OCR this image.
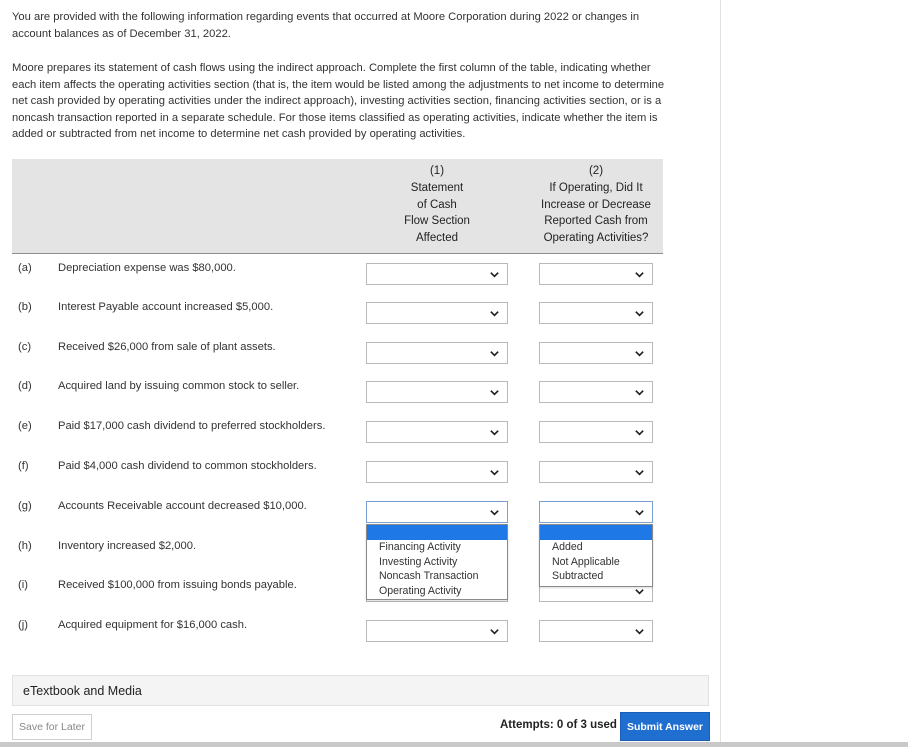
You are provided with the following information regarding events that occurred at Moore Corporation during 2022 or changes in
account balances as of December 31, 2022.
Moore prepares its statement of cash flows using the indirect approach. Complete the first column of the table, indicating whether
each item affects the operating activities section (that is, the item would be listed among the adjustments to net income to determine
net cash provided by operating activities under the indirect approach), investing activities section, financing activities section, or is a
noncash transaction reported in a separate schedule. For those items classified as operating activities, indicate whether the item is
added or subtracted from net income to determine net cash provided by operating activities.
(1)
Statement
of Cash
Flow Section
Affected
(2)
If Operating, Did It
Increase or Decrease
Reported Cash from
Operating Activities?
(a) Depreciation expense was $80,000.
(b) Interest Payable account increased $5,000.
(c) Received $26,000 from sale of plant assets.
(d) Acquired land by issuing common stock to seller.
(e) Paid $17,000 cash dividend to preferred stockholders.
(f)	Paid $4,000 cash dividend to common stockholders.
(g) Accounts Receivable account decreased $10,000.
(h) Inventory increased $2,000.
(i)	Received $100,000 from issuing bonds payable.
(j)	Acquired equipment for $16,000 cash.
Financing Activity
Investing Activity
Noncash Transaction
Operating Activity
Added
Not Applicable
Subtracted
eTextbook and Media
Save for Later	Attempts: 0 of 3 used Submit Answer
